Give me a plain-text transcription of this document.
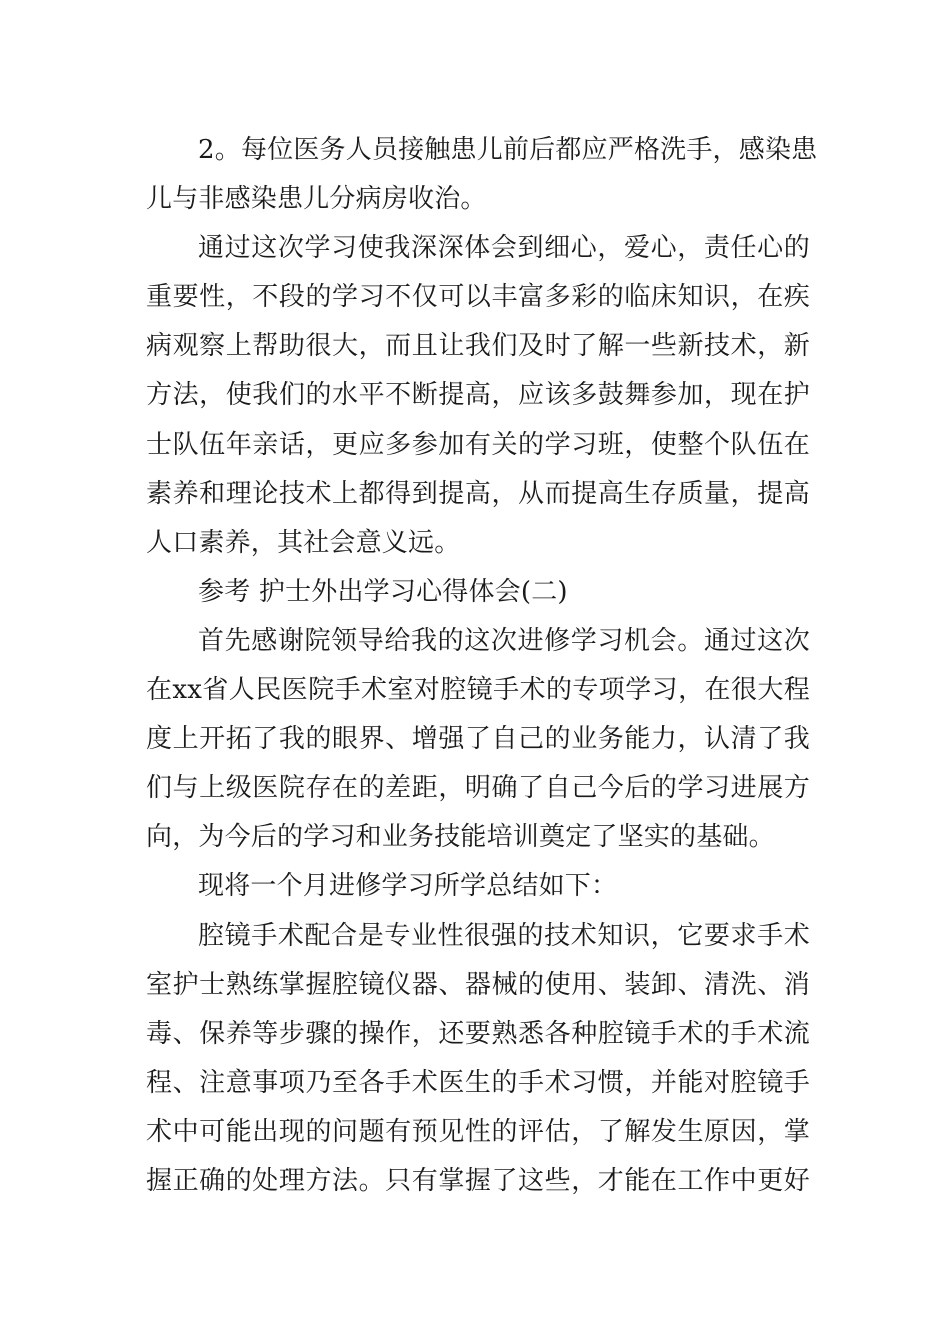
2。每位医务人员接触患儿前后都应严格洗手，感染患
儿与非感染患儿分病房收治。
通过这次学习使我深深体会到细心，爱心，责任心的
重要性，不段的学习不仅可以丰富多彩的临床知识，在疾
病观察上帮助很大，而且让我们及时了解一些新技术，新
方法，使我们的水平不断提高，应该多鼓舞参加，现在护
士队伍年亲话，更应多参加有关的学习班，使整个队伍在
素养和理论技术上都得到提高，从而提高生存质量，提高
人口素养，其社会意义远。
参考 护士外出学习心得体会(二)
首先感谢院领导给我的这次进修学习机会。通过这次
在xx省人民医院手术室对腔镜手术的专项学习，在很大程
度上开拓了我的眼界、增强了自己的业务能力，认清了我
们与上级医院存在的差距，明确了自己今后的学习进展方
向，为今后的学习和业务技能培训奠定了坚实的基础。
现将一个月进修学习所学总结如下：
腔镜手术配合是专业性很强的技术知识，它要求手术
室护士熟练掌握腔镜仪器、器械的使用、装卸、清洗、消
毒、保养等步骤的操作，还要熟悉各种腔镜手术的手术流
程、注意事项乃至各手术医生的手术习惯，并能对腔镜手
术中可能出现的问题有预见性的评估，了解发生原因，掌
握正确的处理方法。只有掌握了这些，才能在工作中更好
